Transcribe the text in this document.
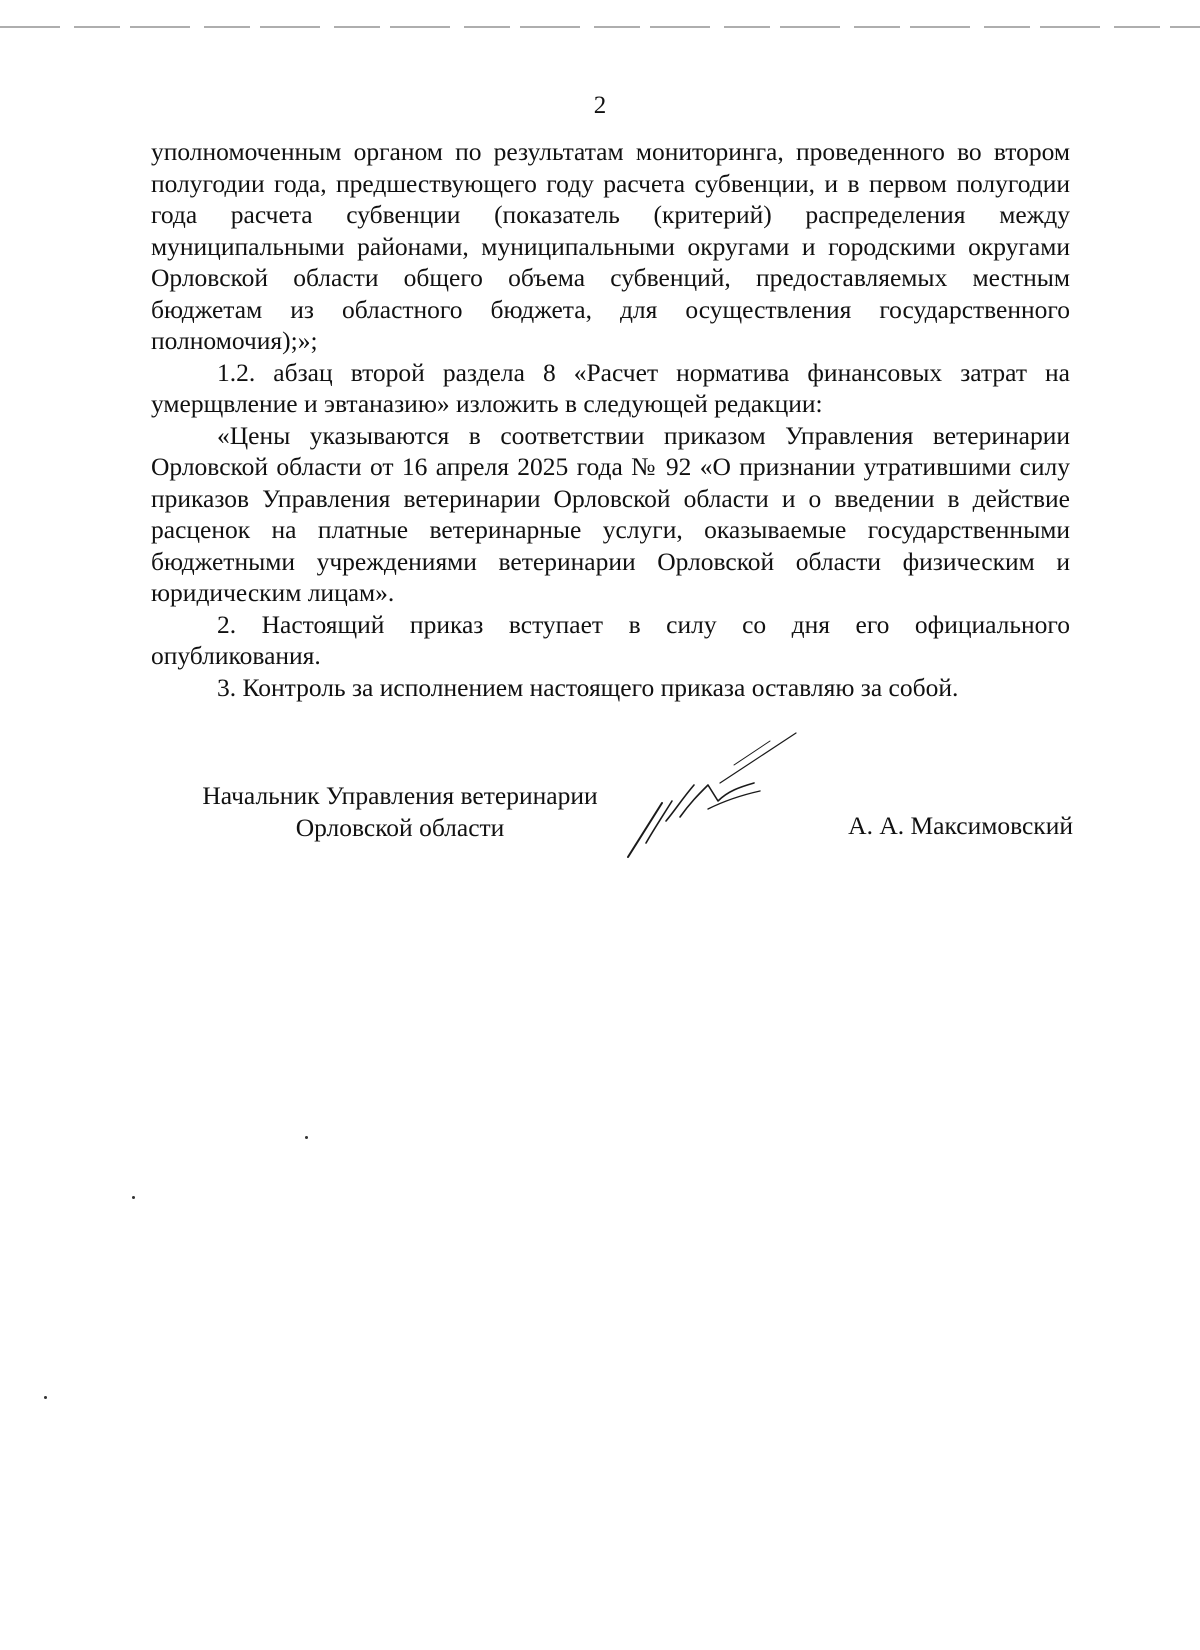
2

уполномоченным органом по результатам мониторинга, проведенного во втором полугодии года, предшествующего году расчета субвенции, и в первом полугодии года расчета субвенции (показатель (критерий) распределения между муниципальными районами, муниципальными округами и городскими округами Орловской области общего объема субвенций, предоставляемых местным бюджетам из областного бюджета, для осуществления государственного полномочия);»;

1.2. абзац второй раздела 8 «Расчет норматива финансовых затрат на умерщвление и эвтаназию» изложить в следующей редакции:

«Цены указываются в соответствии приказом Управления ветеринарии Орловской области от 16 апреля 2025 года № 92 «О признании утратившими силу приказов Управления ветеринарии Орловской области и о введении в действие расценок на платные ветеринарные услуги, оказываемые государственными бюджетными учреждениями ветеринарии Орловской области физическим и юридическим лицам».

2. Настоящий приказ вступает в силу со дня его официального опубликования.

3. Контроль за исполнением настоящего приказа оставляю за собой.

Начальник Управления ветеринарии
Орловской области	А. А. Максимовский
